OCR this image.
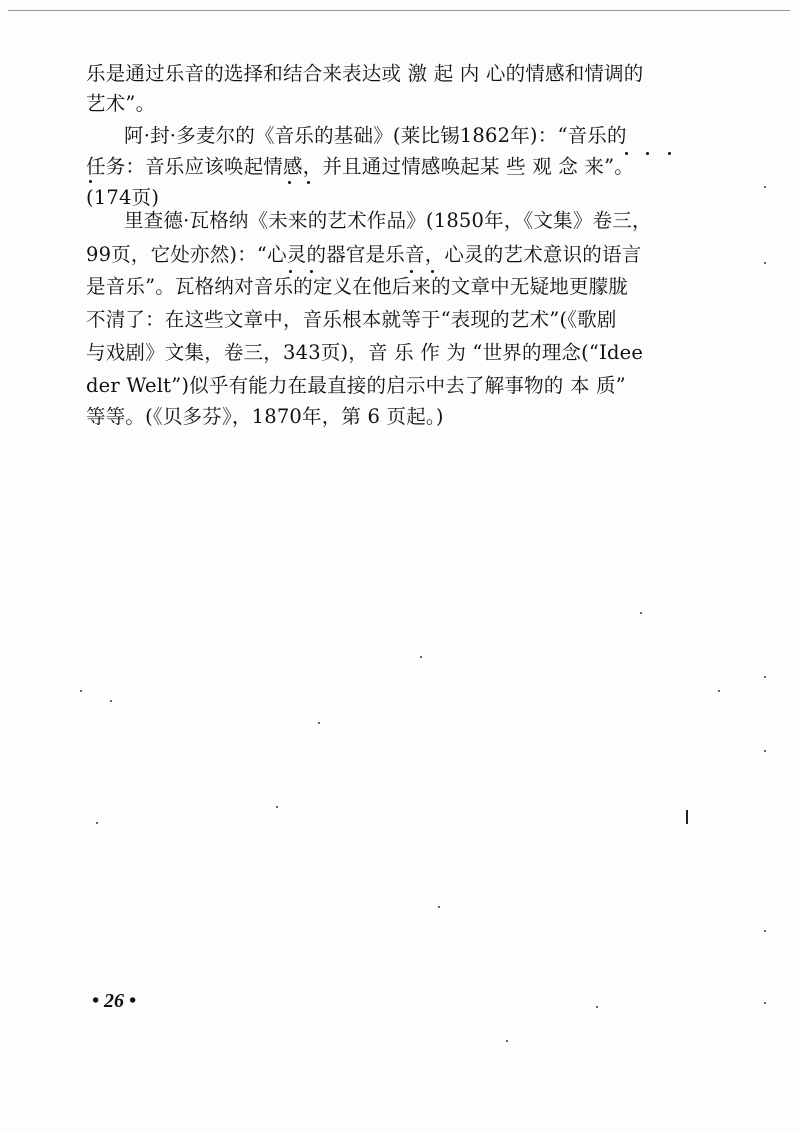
乐是通过乐音的选择和结合来表达或 激 起 内 心的情感和情调的
艺术”。
阿·封·多麦尔的《音乐的基础》(莱比锡1862年)：“音乐的
任务：音乐应该唤起情感，并且通过情感唤起某 些 观 念 来”。
(174页)
里查德·瓦格纳《未来的艺术作品》(1850年，《文集》卷三，
99页，它处亦然)：“心灵的器官是乐音，心灵的艺术意识的语言
是音乐”。瓦格纳对音乐的定义在他后来的文章中无疑地更朦胧
不清了：在这些文章中，音乐根本就等于“表现的艺术”(《歌剧
与戏剧》文集，卷三，343页)，音 乐 作 为 “世界的理念(“Idee
der Welt”)似乎有能力在最直接的启示中去了解事物的 本 质”
等等。(《贝多芬》，1870年，第 6 页起。)
• 26 •
